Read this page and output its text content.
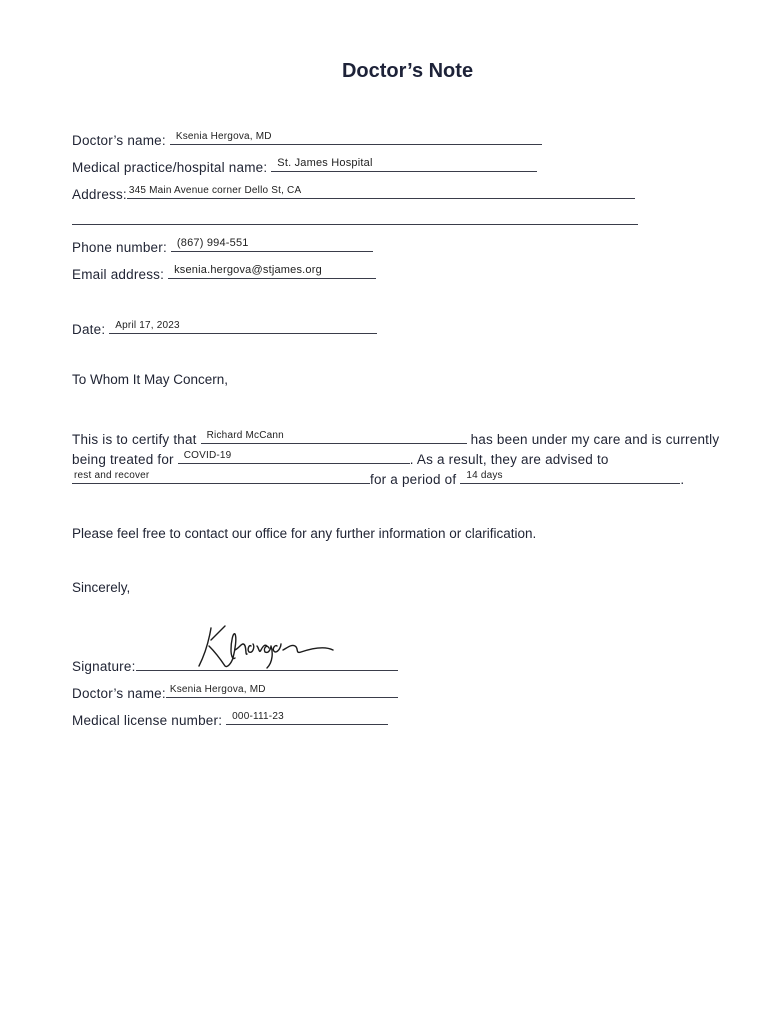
Doctor’s Note
Doctor’s name: Ksenia Hergova, MD
Medical practice/hospital name: St. James Hospital
Address: 345 Main Avenue corner Dello St, CA
Phone number: (867) 994-551
Email address: ksenia.hergova@stjames.org
Date: April 17, 2023
To Whom It May Concern,
This is to certify that Richard McCann	has been under my care and is currently
being treated for COVID-19	. As a result, they are advised to
rest and recover	for a period of 14 days	.
Please feel free to contact our office for any further information or clarification.
Sincerely,
Signature:
Doctor’s name: Ksenia Hergova, MD
Medical license number: 000-111-23
